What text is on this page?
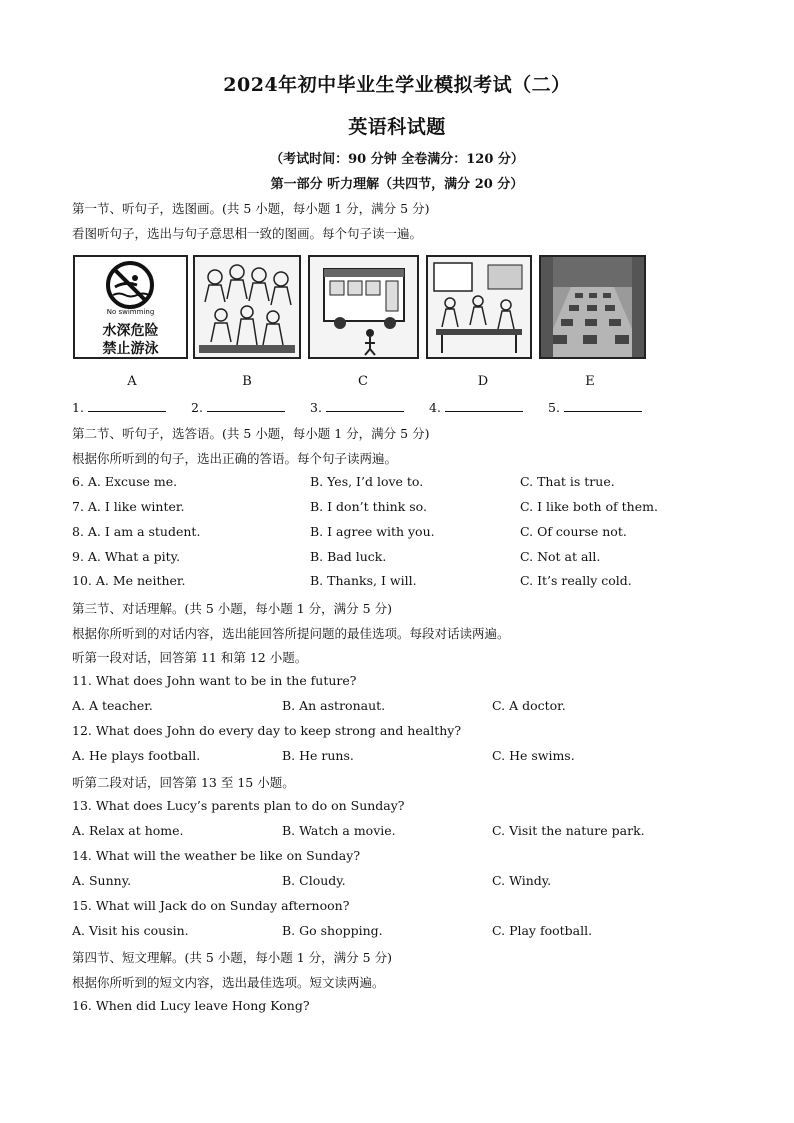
2024年初中毕业生学业模拟考试（二）
英语科试题
（考试时间：90 分钟 全卷满分：120 分）
第一部分 听力理解（共四节，满分 20 分）
第一节、听句子，选图画。(共 5 小题，每小题 1 分，满分 5 分)
看图听句子，选出与句子意思相一致的图画。每个句子读一遍。
No swimming
水深危险
禁止游泳
A	B	C	D	E
1.	2.	3.	4.	5.
第二节、听句子，选答语。(共 5 小题，每小题 1 分，满分 5 分)
根据你所听到的句子，选出正确的答语。每个句子读两遍。
6. A. Excuse me.	B. Yes, I’d love to.	C. That is true.
7. A. I like winter.	B. I don’t think so.	C. I like both of them.
8. A. I am a student.	B. I agree with you.	C. Of course not.
9. A. What a pity.	B. Bad luck.	C. Not at all.
10. A. Me neither.	B. Thanks, I will.	C. It’s really cold.
第三节、对话理解。(共 5 小题，每小题 1 分，满分 5 分)
根据你所听到的对话内容，选出能回答所提问题的最佳选项。每段对话读两遍。
听第一段对话，回答第 11 和第 12 小题。
11. What does John want to be in the future?
A. A teacher.	B. An astronaut.	C. A doctor.
12. What does John do every day to keep strong and healthy?
A. He plays football.	B. He runs.	C. He swims.
听第二段对话，回答第 13 至 15 小题。
13. What does Lucy’s parents plan to do on Sunday?
A. Relax at home.	B. Watch a movie.	C. Visit the nature park.
14. What will the weather be like on Sunday?
A. Sunny.	B. Cloudy.	C. Windy.
15. What will Jack do on Sunday afternoon?
A. Visit his cousin.	B. Go shopping.	C. Play football.
第四节、短文理解。(共 5 小题，每小题 1 分，满分 5 分)
根据你所听到的短文内容，选出最佳选项。短文读两遍。
16. When did Lucy leave Hong Kong?
